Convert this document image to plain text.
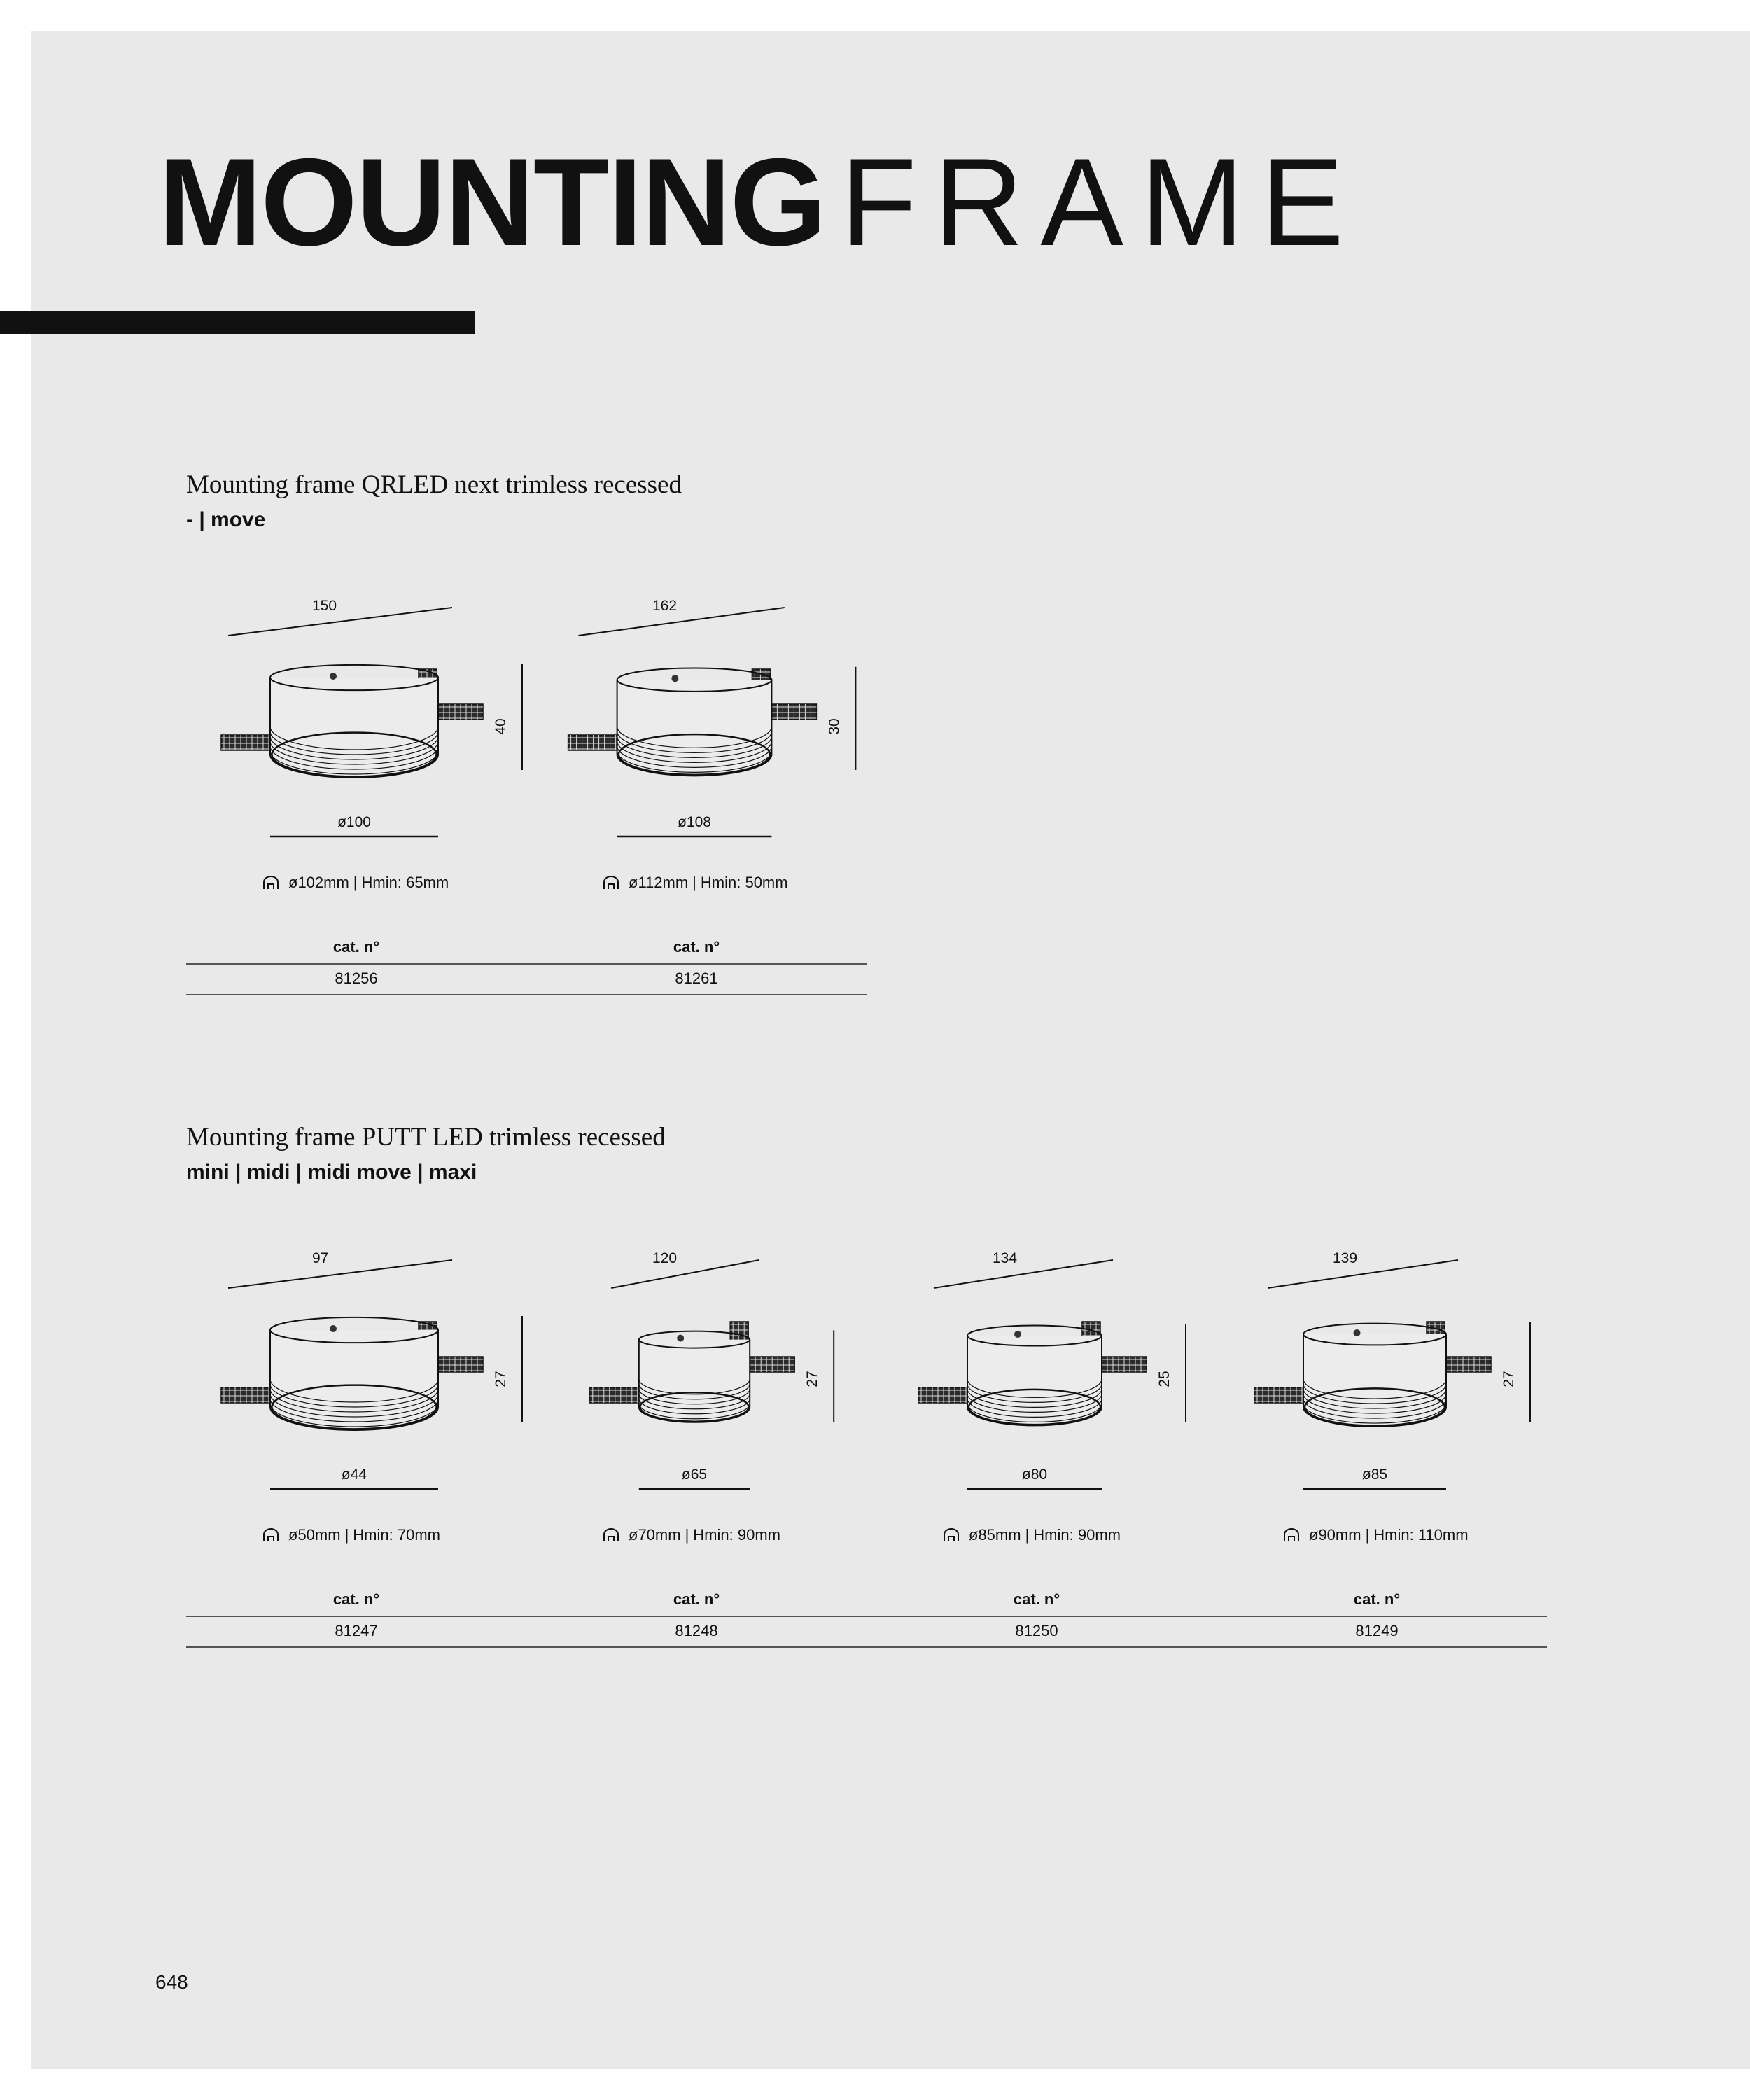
MOUNTING FRAME
Mounting frame QRLED next trimless recessed
- | move
Mounting frame PUTT LED trimless recessed
mini | midi | midi move | maxi
150
40
ø100
ø102mm | Hmin: 65mm
cat. n°
81256
162
30
ø108
ø112mm | Hmin: 50mm
cat. n°
81261
97
27
ø44
ø50mm | Hmin: 70mm
cat. n°
81247
120
27
ø65
ø70mm | Hmin: 90mm
cat. n°
81248
134
25
ø80
ø85mm | Hmin: 90mm
cat. n°
81250
139
27
ø85
ø90mm | Hmin: 110mm
cat. n°
81249
648
